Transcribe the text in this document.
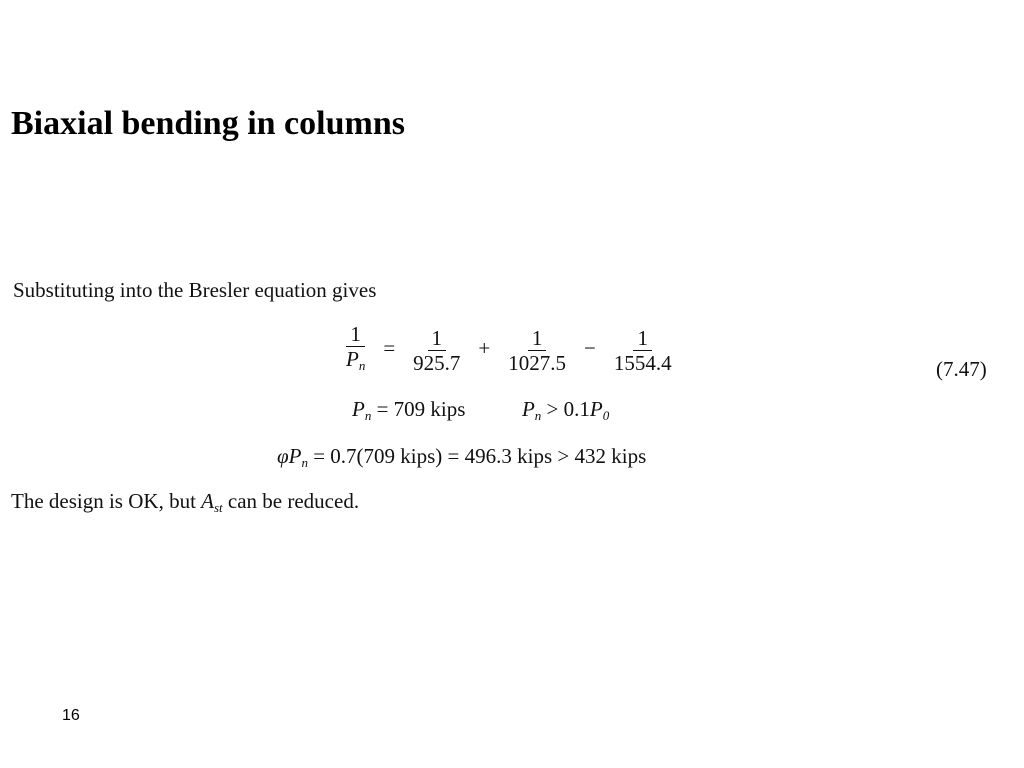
Biaxial bending in columns
Substituting into the Bresler equation gives
$\frac{1}{P_n} = \frac{1}{925.7} + \frac{1}{1027.5} - \frac{1}{1554.4}$	(7.47)
$P_n = 709$ kips	$P_n > 0.1P_0$
$\varphi P_n = 0.7(709$ kips) = 496.3 kips > 432 kips
The design is OK, but $A_{st}$ can be reduced.
16
